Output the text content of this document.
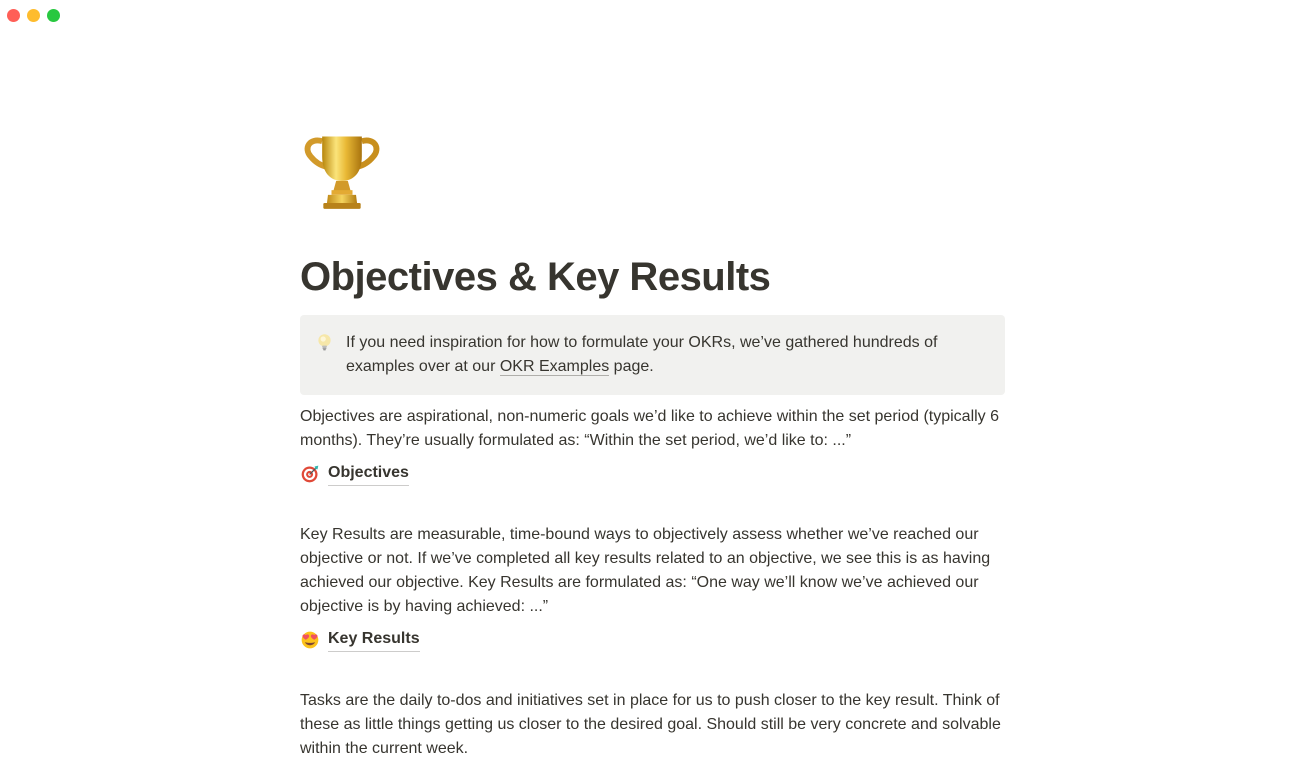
Objectives & Key Results

If you need inspiration for how to formulate your OKRs, we’ve gathered hundreds of examples over at our OKR Examples page.

Objectives are aspirational, non-numeric goals we’d like to achieve within the set period (typically 6 months). They’re usually formulated as: “Within the set period, we’d like to: ...”

Objectives

Key Results are measurable, time-bound ways to objectively assess whether we’ve reached our objective or not. If we’ve completed all key results related to an objective, we see this is as having achieved our objective. Key Results are formulated as: “One way we’ll know we’ve achieved our objective is by having achieved: ...”

Key Results

Tasks are the daily to-dos and initiatives set in place for us to push closer to the key result. Think of these as little things getting us closer to the desired goal. Should still be very concrete and solvable within the current week.
